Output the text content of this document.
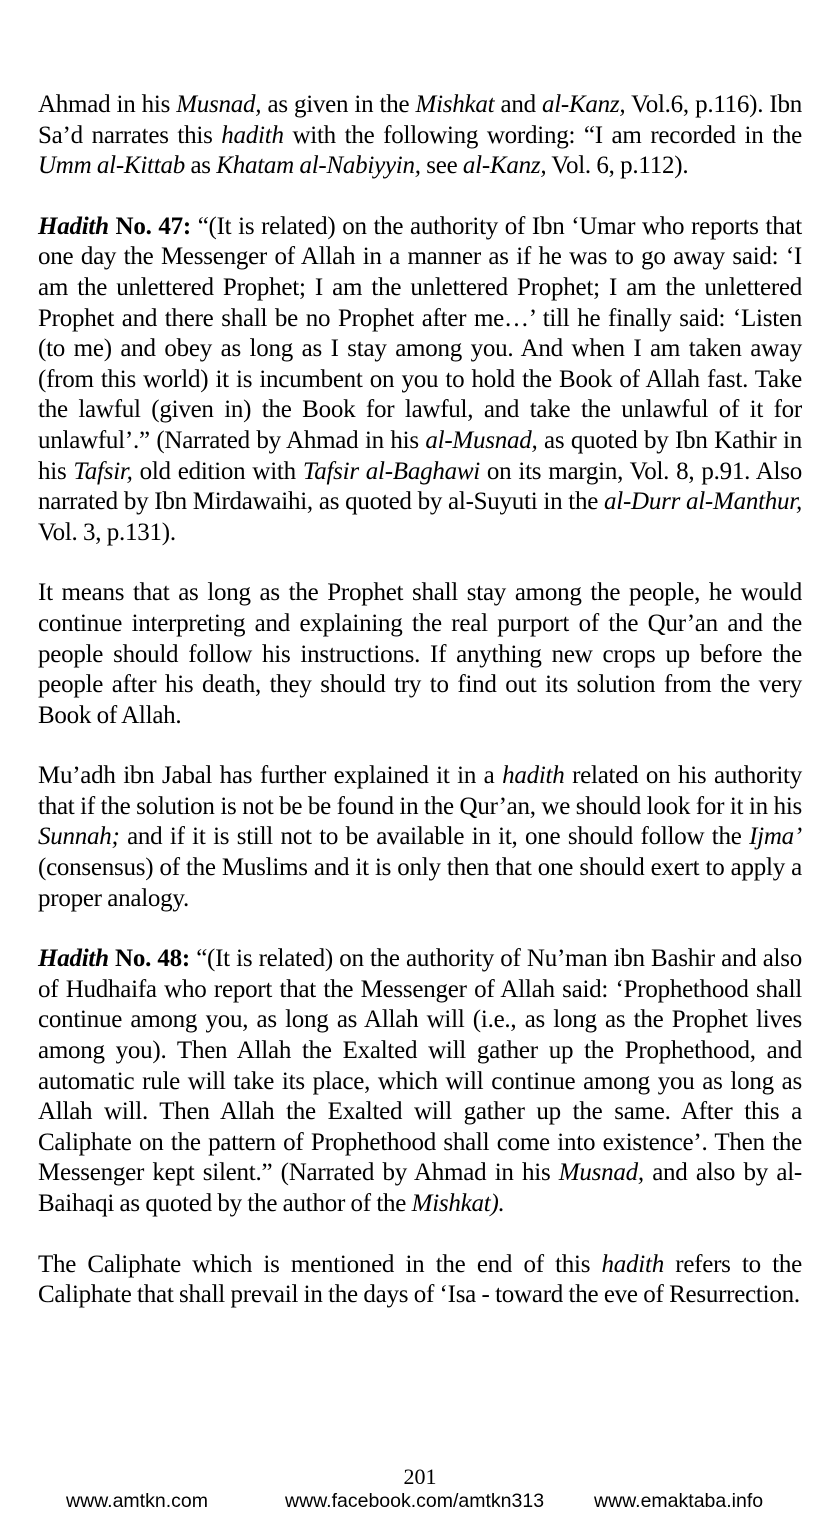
Ahmad in his Musnad, as given in the Mishkat and al-Kanz, Vol.6, p.116). Ibn Sa’d narrates this hadith with the following wording: “I am recorded in the Umm al-Kittab as Khatam al-Nabiyyin, see al-Kanz, Vol. 6, p.112).

Hadith No. 47: “(It is related) on the authority of Ibn ‘Umar who reports that one day the Messenger of Allah in a manner as if he was to go away said: ‘I am the unlettered Prophet; I am the unlettered Prophet; I am the unlettered Prophet and there shall be no Prophet after me…’ till he finally said: ‘Listen (to me) and obey as long as I stay among you. And when I am taken away (from this world) it is incumbent on you to hold the Book of Allah fast. Take the lawful (given in) the Book for lawful, and take the unlawful of it for unlawful’.” (Narrated by Ahmad in his al-Musnad, as quoted by Ibn Kathir in his Tafsir, old edition with Tafsir al-Baghawi on its margin, Vol. 8, p.91. Also narrated by Ibn Mirdawaihi, as quoted by al-Suyuti in the al-Durr al-Manthur, Vol. 3, p.131).

It means that as long as the Prophet shall stay among the people, he would continue interpreting and explaining the real purport of the Qur’an and the people should follow his instructions. If anything new crops up before the people after his death, they should try to find out its solution from the very Book of Allah.

Mu’adh ibn Jabal has further explained it in a hadith related on his authority that if the solution is not be be found in the Qur’an, we should look for it in his Sunnah; and if it is still not to be available in it, one should follow the Ijma’ (consensus) of the Muslims and it is only then that one should exert to apply a proper analogy.

Hadith No. 48: “(It is related) on the authority of Nu’man ibn Bashir and also of Hudhaifa who report that the Messenger of Allah said: ‘Prophethood shall continue among you, as long as Allah will (i.e., as long as the Prophet lives among you). Then Allah the Exalted will gather up the Prophethood, and automatic rule will take its place, which will continue among you as long as Allah will. Then Allah the Exalted will gather up the same. After this a Caliphate on the pattern of Prophethood shall come into existence’. Then the Messenger kept silent.” (Narrated by Ahmad in his Musnad, and also by al-Baihaqi as quoted by the author of the Mishkat).

The Caliphate which is mentioned in the end of this hadith refers to the Caliphate that shall prevail in the days of ‘Isa - toward the eve of Resurrection.

201
www.amtkn.com	www.facebook.com/amtkn313	www.emaktaba.info
